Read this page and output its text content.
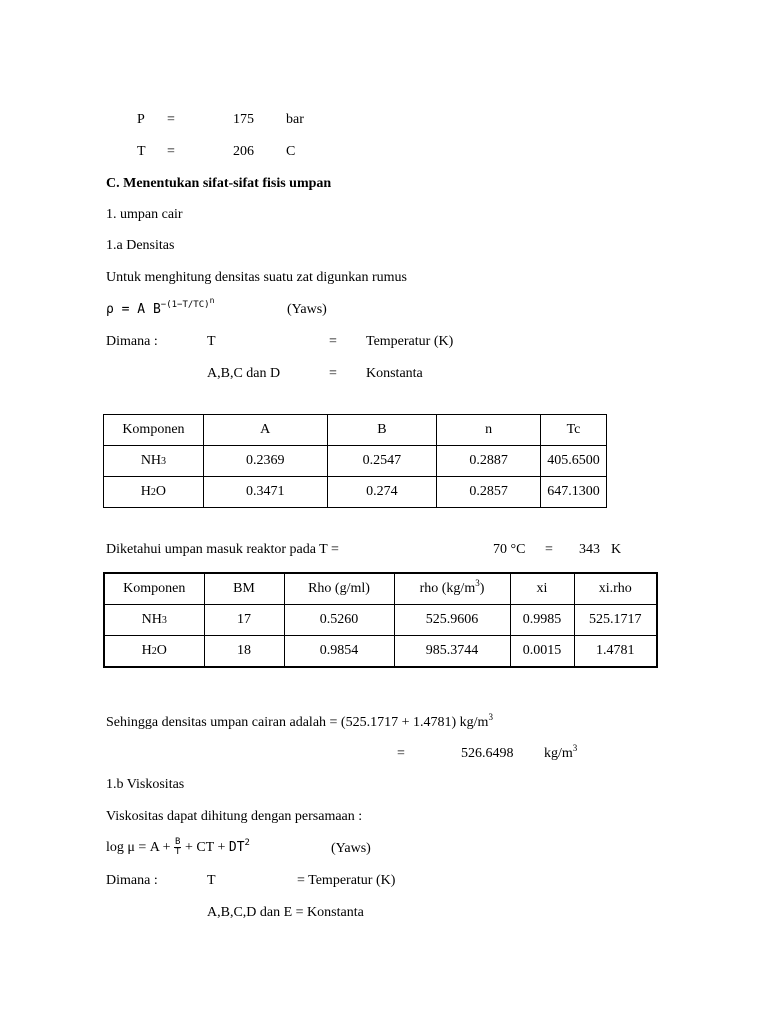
P =	175 bar
T =	206 C
C. Menentukan sifat-sifat fisis umpan
1. umpan cair
1.a Densitas
Untuk menghitung densitas suatu zat digunkan rumus
ρ = A $B^{-(1-T/TC)n}$
(Yaws)
Dimana :	T	= Temperatur (K)
A,B,C dan D	= Konstanta
Komponen	A	B	n	Tc
NH3	0.2369	0.2547	0.2887	405.6500
H2O	0.3471	0.274	0.2857	647.1300
Diketahui umpan masuk reaktor pada T =	70 °C = 343 K
Komponen	BM	Rho (g/ml)	rho $(kg/m^3)$	xi	xi.rho
NH3	17	0.5260	525.9606	0.9985	525.1717
H2O	18	0.9854	985.3744	0.0015	1.4781
Sehingga densitas umpan cairan adalah = (525.1717 + 1.4781) $kg/m^3$
=	526.6498 $kg/m^3$
1.b Viskositas
Viskositas dapat dihitung dengan persamaan :
$\log \mu = A + \frac{B}{T}$ + CT + $DT^2$	(Yaws)
Dimana :	T	= Temperatur (K)
A,B,C,D dan E = Konstanta
